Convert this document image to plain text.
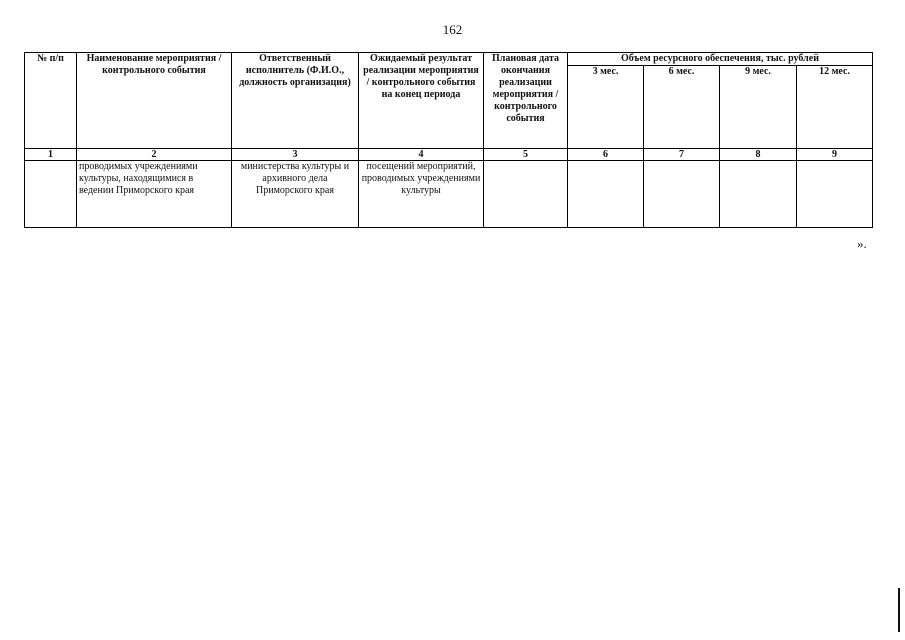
162
№ п/п	Наименование мероприятия / контрольного события	Ответственный исполнитель (Ф.И.О., должность организация)	Ожидаемый результат реализации мероприятия / контрольного события на конец периода	Плановая дата окончания реализации мероприятия / контрольного события	Объем ресурсного обеспечения, тыс. рублей			
					3 мес.	6 мес.	9 мес.	12 мес.
1	2	3	4	5	6	7	8	9
	проводимых учреждениями культуры, находящимися в ведении Приморского края	министерства культуры и архивного дела Приморского края	посещений мероприятий, проводимых учреждениями культуры					
».
